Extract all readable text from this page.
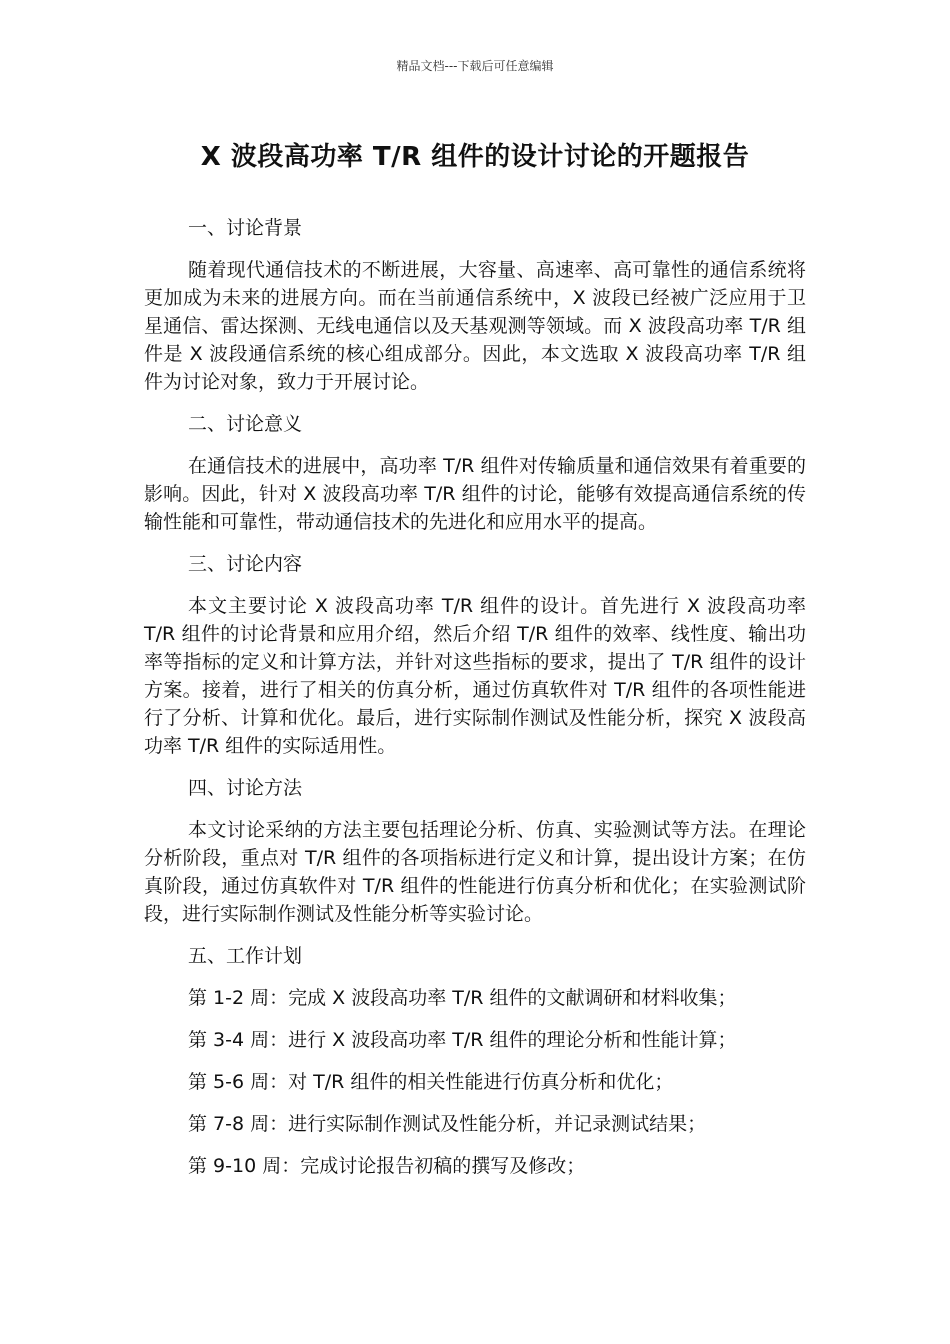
精品文档---下载后可任意编辑
X 波段高功率 T/R 组件的设计讨论的开题报告
一、讨论背景

随着现代通信技术的不断进展，大容量、高速率、高可靠性的通信系统将更加成为未来的进展方向。而在当前通信系统中，X 波段已经被广泛应用于卫星通信、雷达探测、无线电通信以及天基观测等领域。而 X 波段高功率 T/R 组件是 X 波段通信系统的核心组成部分。因此，本文选取 X 波段高功率 T/R 组件为讨论对象，致力于开展讨论。

二、讨论意义

在通信技术的进展中，高功率 T/R 组件对传输质量和通信效果有着重要的影响。因此，针对 X 波段高功率 T/R 组件的讨论，能够有效提高通信系统的传输性能和可靠性，带动通信技术的先进化和应用水平的提高。

三、讨论内容

本文主要讨论 X 波段高功率 T/R 组件的设计。首先进行 X 波段高功率 T/R 组件的讨论背景和应用介绍，然后介绍 T/R 组件的效率、线性度、输出功率等指标的定义和计算方法，并针对这些指标的要求，提出了 T/R 组件的设计方案。接着，进行了相关的仿真分析，通过仿真软件对 T/R 组件的各项性能进行了分析、计算和优化。最后，进行实际制作测试及性能分析，探究 X 波段高功率 T/R 组件的实际适用性。

四、讨论方法

本文讨论采纳的方法主要包括理论分析、仿真、实验测试等方法。在理论分析阶段，重点对 T/R 组件的各项指标进行定义和计算，提出设计方案；在仿真阶段，通过仿真软件对 T/R 组件的性能进行仿真分析和优化；在实验测试阶段，进行实际制作测试及性能分析等实验讨论。

五、工作计划
第 1-2 周：完成 X 波段高功率 T/R 组件的文献调研和材料收集；
第 3-4 周：进行 X 波段高功率 T/R 组件的理论分析和性能计算；
第 5-6 周：对 T/R 组件的相关性能进行仿真分析和优化；
第 7-8 周：进行实际制作测试及性能分析，并记录测试结果；
第 9-10 周：完成讨论报告初稿的撰写及修改；
